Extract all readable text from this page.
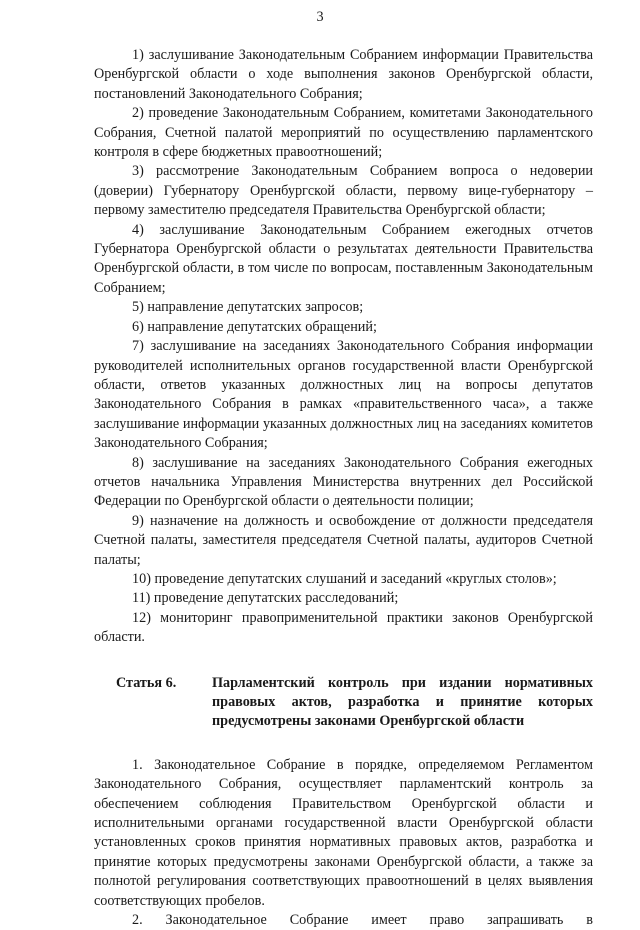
3

1) заслушивание Законодательным Собранием информации Правительства Оренбургской области о ходе выполнения законов Оренбургской области, постановлений Законодательного Собрания;

2) проведение Законодательным Собранием, комитетами Законодательного Собрания, Счетной палатой мероприятий по осуществлению парламентского контроля в сфере бюджетных правоотношений;

3) рассмотрение Законодательным Собранием вопроса о недоверии (доверии) Губернатору Оренбургской области, первому вице-губернатору – первому заместителю председателя Правительства Оренбургской области;

4) заслушивание Законодательным Собранием ежегодных отчетов Губернатора Оренбургской области о результатах деятельности Правительства Оренбургской области, в том числе по вопросам, поставленным Законодательным Собранием;

5) направление депутатских запросов;

6) направление депутатских обращений;

7) заслушивание на заседаниях Законодательного Собрания информации руководителей исполнительных органов государственной власти Оренбургской области, ответов указанных должностных лиц на вопросы депутатов Законодательного Собрания в рамках «правительственного часа», а также заслушивание информации указанных должностных лиц на заседаниях комитетов Законодательного Собрания;

8) заслушивание на заседаниях Законодательного Собрания ежегодных отчетов начальника Управления Министерства внутренних дел Российской Федерации по Оренбургской области о деятельности полиции;

9) назначение на должность и освобождение от должности председателя Счетной палаты, заместителя председателя Счетной палаты, аудиторов Счетной палаты;

10) проведение депутатских слушаний и заседаний «круглых столов»;

11) проведение депутатских расследований;

12) мониторинг правоприменительной практики законов Оренбургской области.

Статья 6.	Парламентский контроль при издании нормативных правовых актов, разработка и принятие которых предусмотрены законами Оренбургской области

1. Законодательное Собрание в порядке, определяемом Регламентом Законодательного Собрания, осуществляет парламентский контроль за обеспечением соблюдения Правительством Оренбургской области и исполнительными органами государственной власти Оренбургской области установленных сроков принятия нормативных правовых актов, разработка и принятие которых предусмотрены законами Оренбургской области, а также за полнотой регулирования соответствующих правоотношений в целях выявления соответствующих пробелов.

2. Законодательное Собрание имеет право запрашивать в
